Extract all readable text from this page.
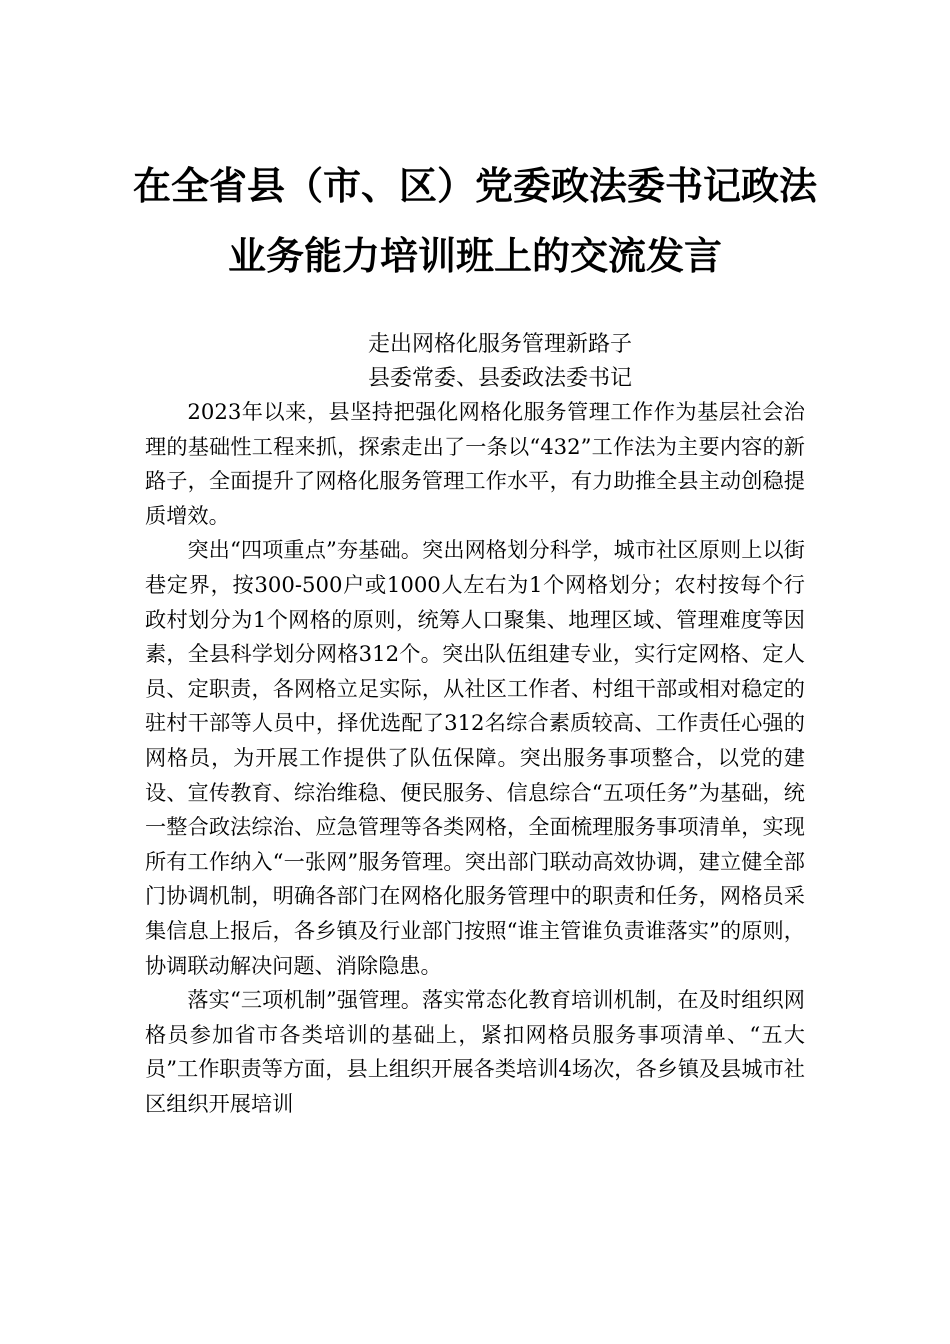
在全省县（市、区）党委政法委书记政法
业务能力培训班上的交流发言

走出网格化服务管理新路子

县委常委、县委政法委书记

2023年以来，县坚持把强化网格化服务管理工作作为基层社会治理的基础性工程来抓，探索走出了一条以“432”工作法为主要内容的新路子，全面提升了网格化服务管理工作水平，有力助推全县主动创稳提质增效。

突出“四项重点”夯基础。突出网格划分科学，城市社区原则上以街巷定界，按300-500户或1000人左右为1个网格划分；农村按每个行政村划分为1个网格的原则，统筹人口聚集、地理区域、管理难度等因素，全县科学划分网格312个。突出队伍组建专业，实行定网格、定人员、定职责，各网格立足实际，从社区工作者、村组干部或相对稳定的驻村干部等人员中，择优选配了312名综合素质较高、工作责任心强的网格员，为开展工作提供了队伍保障。突出服务事项整合，以党的建设、宣传教育、综治维稳、便民服务、信息综合“五项任务”为基础，统一整合政法综治、应急管理等各类网格，全面梳理服务事项清单，实现所有工作纳入“一张网”服务管理。突出部门联动高效协调，建立健全部门协调机制，明确各部门在网格化服务管理中的职责和任务，网格员采集信息上报后，各乡镇及行业部门按照“谁主管谁负责谁落实”的原则，协调联动解决问题、消除隐患。

落实“三项机制”强管理。落实常态化教育培训机制，在及时组织网格员参加省市各类培训的基础上，紧扣网格员服务事项清单、“五大员”工作职责等方面，县上组织开展各类培训4场次，各乡镇及县城市社区组织开展培训
